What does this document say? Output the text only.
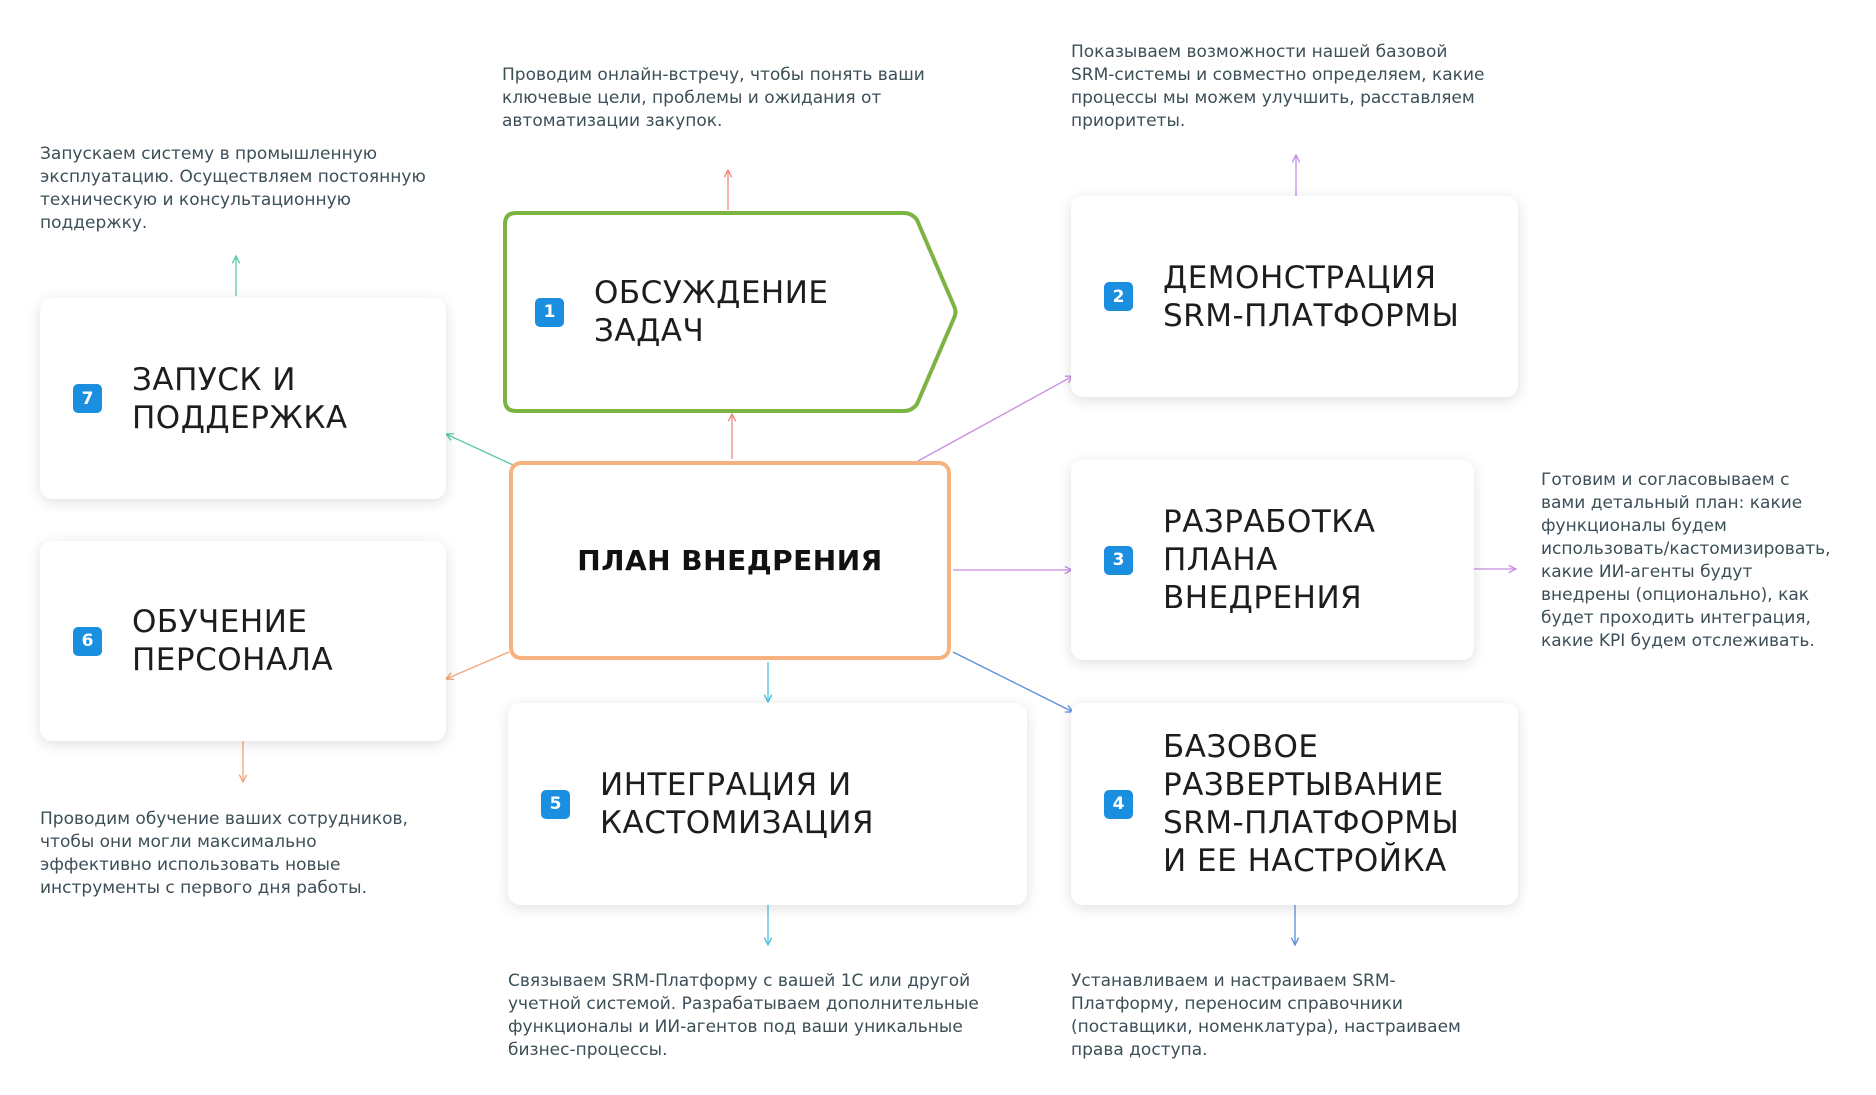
ПЛАН ВНЕДРЕНИЯ
1
ОБСУЖДЕНИЕ
ЗАДАЧ
2
ДЕМОНСТРАЦИЯ
SRM-ПЛАТФОРМЫ
3
РАЗРАБОТКА
ПЛАНА
ВНЕДРЕНИЯ
4
БАЗОВОЕ
РАЗВЕРТЫВАНИЕ
SRM-ПЛАТФОРМЫ
И ЕЕ НАСТРОЙКА
5
ИНТЕГРАЦИЯ И
КАСТОМИЗАЦИЯ
6
ОБУЧЕНИЕ
ПЕРСОНАЛА
7
ЗАПУСК И
ПОДДЕРЖКА
Проводим онлайн-встречу, чтобы понять ваши
ключевые цели, проблемы и ожидания от
автоматизации закупок.
Показываем возможности нашей базовой
SRM-системы и совместно определяем, какие
процессы мы можем улучшить, расставляем
приоритеты.
Готовим и согласовываем с
вами детальный план: какие
функционалы будем
использовать/кастомизировать,
какие ИИ-агенты будут
внедрены (опционально), как
будет проходить интеграция,
какие KPI будем отслеживать.
Устанавливаем и настраиваем SRM-
Платформу, переносим справочники
(поставщики, номенклатура), настраиваем
права доступа.
Связываем SRM-Платформу с вашей 1С или другой
учетной системой. Разрабатываем дополнительные
функционалы и ИИ-агентов под ваши уникальные
бизнес-процессы.
Проводим обучение ваших сотрудников,
чтобы они могли максимально
эффективно использовать новые
инструменты с первого дня работы.
Запускаем систему в промышленную
эксплуатацию. Осуществляем постоянную
техническую и консультационную
поддержку.
